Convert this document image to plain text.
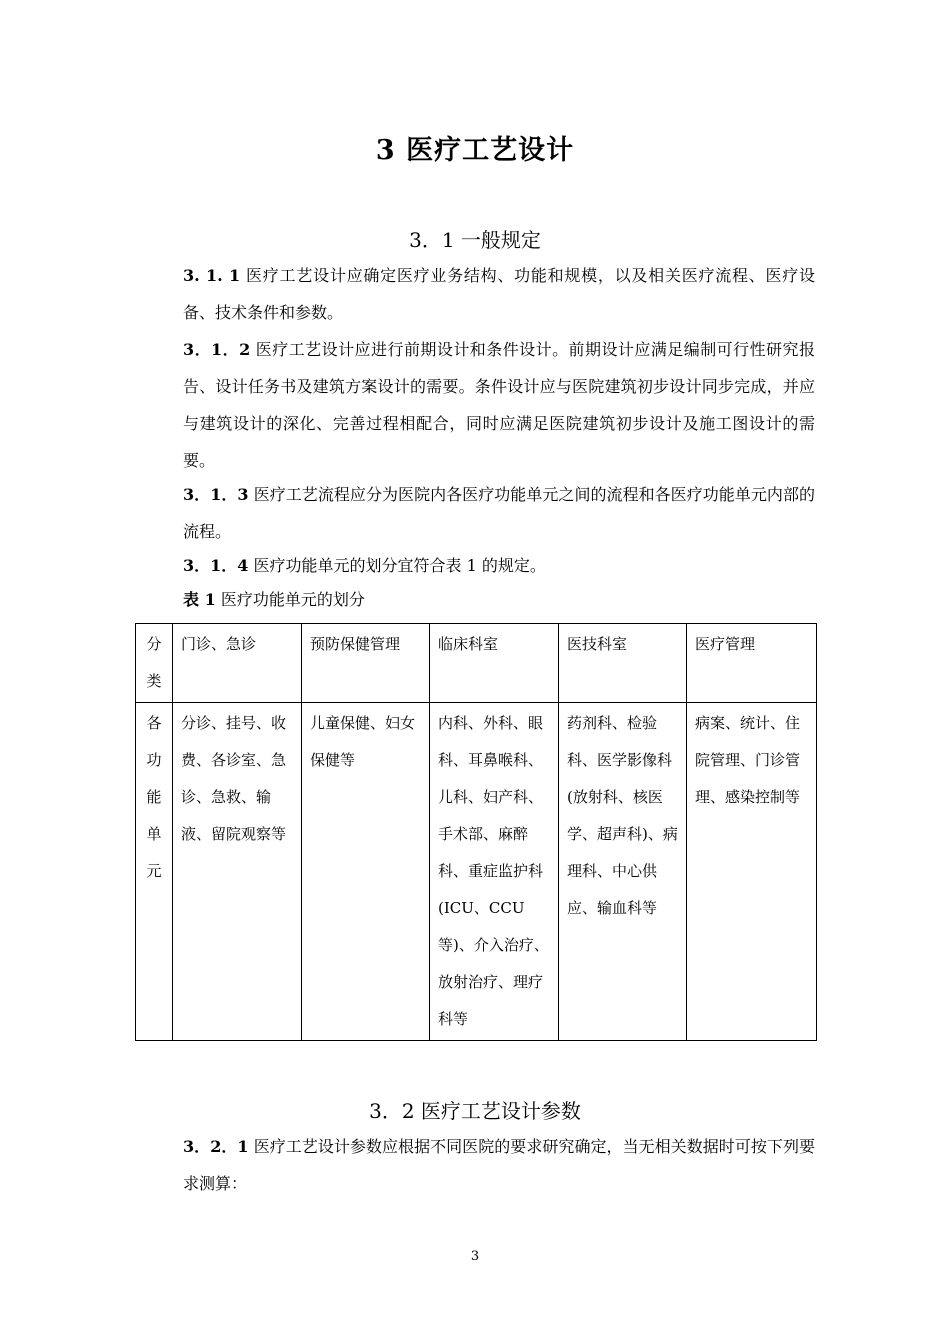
3 医疗工艺设计
3．1 一般规定
3. 1. 1 医疗工艺设计应确定医疗业务结构、功能和规模，以及相关医疗流程、医疗设备、技术条件和参数。
3．1．2 医疗工艺设计应进行前期设计和条件设计。前期设计应满足编制可行性研究报告、设计任务书及建筑方案设计的需要。条件设计应与医院建筑初步设计同步完成，并应与建筑设计的深化、完善过程相配合，同时应满足医院建筑初步设计及施工图设计的需要。
3．1．3 医疗工艺流程应分为医院内各医疗功能单元之间的流程和各医疗功能单元内部的流程。
3．1．4 医疗功能单元的划分宜符合表 1 的规定。
表 1 医疗功能单元的划分
分
类	门诊、急诊	预防保健管理	临床科室	医技科室	医疗管理

各
功
能
单
元	分诊、挂号、收费、各诊室、急诊、急救、输液、留院观察等	儿童保健、妇女保健等	内科、外科、眼科、耳鼻喉科、儿科、妇产科、手术部、麻醉科、重症监护科(ICU、CCU等)、介入治疗、放射治疗、理疗科等	药剂科、检验科、医学影像科(放射科、核医学、超声科)、病理科、中心供应、输血科等	病案、统计、住院管理、门诊管理、感染控制等
3．2 医疗工艺设计参数
3．2．1 医疗工艺设计参数应根据不同医院的要求研究确定，当无相关数据时可按下列要求测算：
3
